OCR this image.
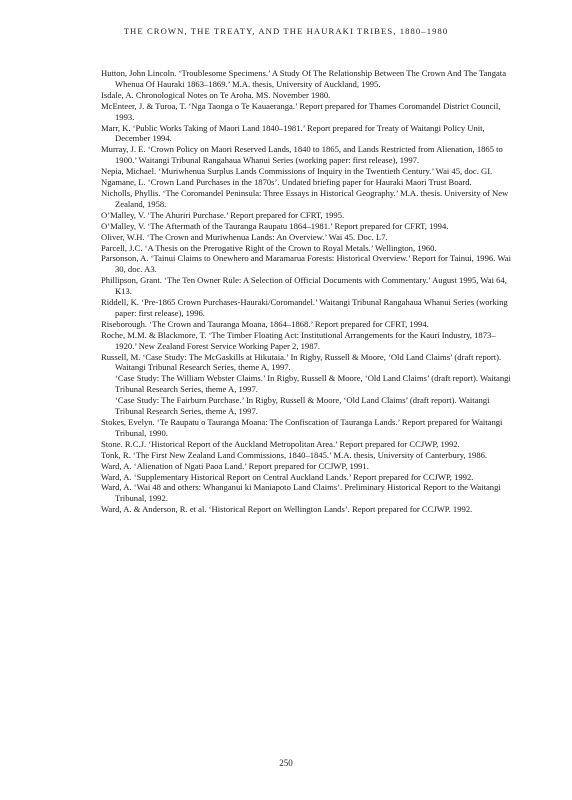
THE CROWN, THE TREATY, AND THE HAURAKI TRIBES, 1880–1980
Hutton, John Lincoln. ‘Troublesome Specimens.’ A Study Of The Relationship Between The Crown And The Tangata Whenua Of Hauraki 1863–1869.’ M.A. thesis, University of Auckland, 1995.
Isdale, A. Chronological Notes on Te Aroha. MS. November 1980.
McEnteer, J. & Turoa, T. ‘Nga Taonga o Te Kauaeranga.’ Report prepared for Thames Coromandel District Council, 1993.
Marr, K. ‘Public Works Taking of Maori Land 1840–1981.’ Report prepared for Treaty of Waitangi Policy Unit, December 1994.
Murray, J. E. ‘Crown Policy on Maori Reserved Lands, 1840 to 1865, and Lands Restricted from Alienation, 1865 to 1900.’ Waitangi Tribunal Rangahaua Whanui Series (working paper: first release), 1997.
Nepia, Michael. ‘Muriwhenua Surplus Lands Commissions of Inquiry in the Twentieth Century.’ Wai 45, doc. GI.
Ngamane, L. ‘Crown Land Purchases in the 1870s’. Undated briefing paper for Hauraki Maori Trust Board.
Nicholls, Phyllis. ‘The Coromandel Peninsula: Three Essays in Historical Geography.’ M.A. thesis. University of New Zealand, 1958.
O’Malley, V. ‘The Ahuriri Purchase.’ Report prepared for CFRT, 1995.
O’Malley, V. ‘The Aftermath of the Tauranga Raupatu 1864–1981.’ Report prepared for CFRT, 1994.
Oliver, W.H. ‘The Crown and Muriwhenua Lands: An Overview.’ Wai 45. Doc. L7.
Parcell, J.C. ‘A Thesis on the Prerogative Right of the Crown to Royal Metals.’ Wellington, 1960.
Parsonson, A. ‘Tainui Claims to Onewhero and Maramarua Forests: Historical Overview.’ Report for Tainui, 1996. Wai 30, doc. A3.
Phillipson, Grant. ‘The Ten Owner Rule: A Selection of Official Documents with Commentary.’ August 1995, Wai 64, K13.
Riddell, K. ‘Pre-1865 Crown Purchases-Hauraki/Coromandel.’ Waitangi Tribunal Rangahaua Whanui Series (working paper: first release), 1996.
Riseborough. ‘The Crown and Tauranga Moana, 1864–1868.’ Report prepared for CFRT, 1994.
Roche, M.M. & Blackmore, T. ‘The Timber Floating Act: Institutional Arrangements for the Kauri Industry, 1873–1920.’ New Zealand Forest Service Working Paper 2, 1987.
Russell, M. ‘Case Study: The McGaskills at Hikutaia.’ In Rigby, Russell & Moore, ‘Old Land Claims’ (draft report). Waitangi Tribunal Research Series, theme A, 1997.
‘Case Study: The William Webster Claims.’ In Rigby, Russell & Moore, ‘Old Land Claims’ (draft report). Waitangi Tribunal Research Series, theme A, 1997.
‘Case Study: The Fairburn Purchase.’ In Rigby, Russell & Moore, ‘Old Land Claims’ (draft report). Waitangi Tribunal Research Series, theme A, 1997.
Stokes, Evelyn. ‘Te Raupatu o Tauranga Moana: The Confiscation of Tauranga Lands.’ Report prepared for Waitangi Tribunal, 1990.
Stone. R.C.J. ‘Historical Report of the Auckland Metropolitan Area.’ Report prepared for CCJWP, 1992.
Tonk, R. ‘The First New Zealand Land Commissions, 1840–1845.’ M.A. thesis, University of Canterbury, 1986.
Ward, A. ‘Alienation of Ngati Paoa Land.’ Report prepared for CCJWP, 1991.
Ward, A. ‘Supplementary Historical Report on Central Auckland Lands.’ Report prepared for CCJWP, 1992.
Ward, A. ‘Wai 48 and others: Whanganui ki Maniapoto Land Claims’. Preliminary Historical Report to the Waitangi Tribunal, 1992.
Ward, A. & Anderson, R. et al. ‘Historical Report on Wellington Lands’. Report prepared for CCJWP. 1992.
250
